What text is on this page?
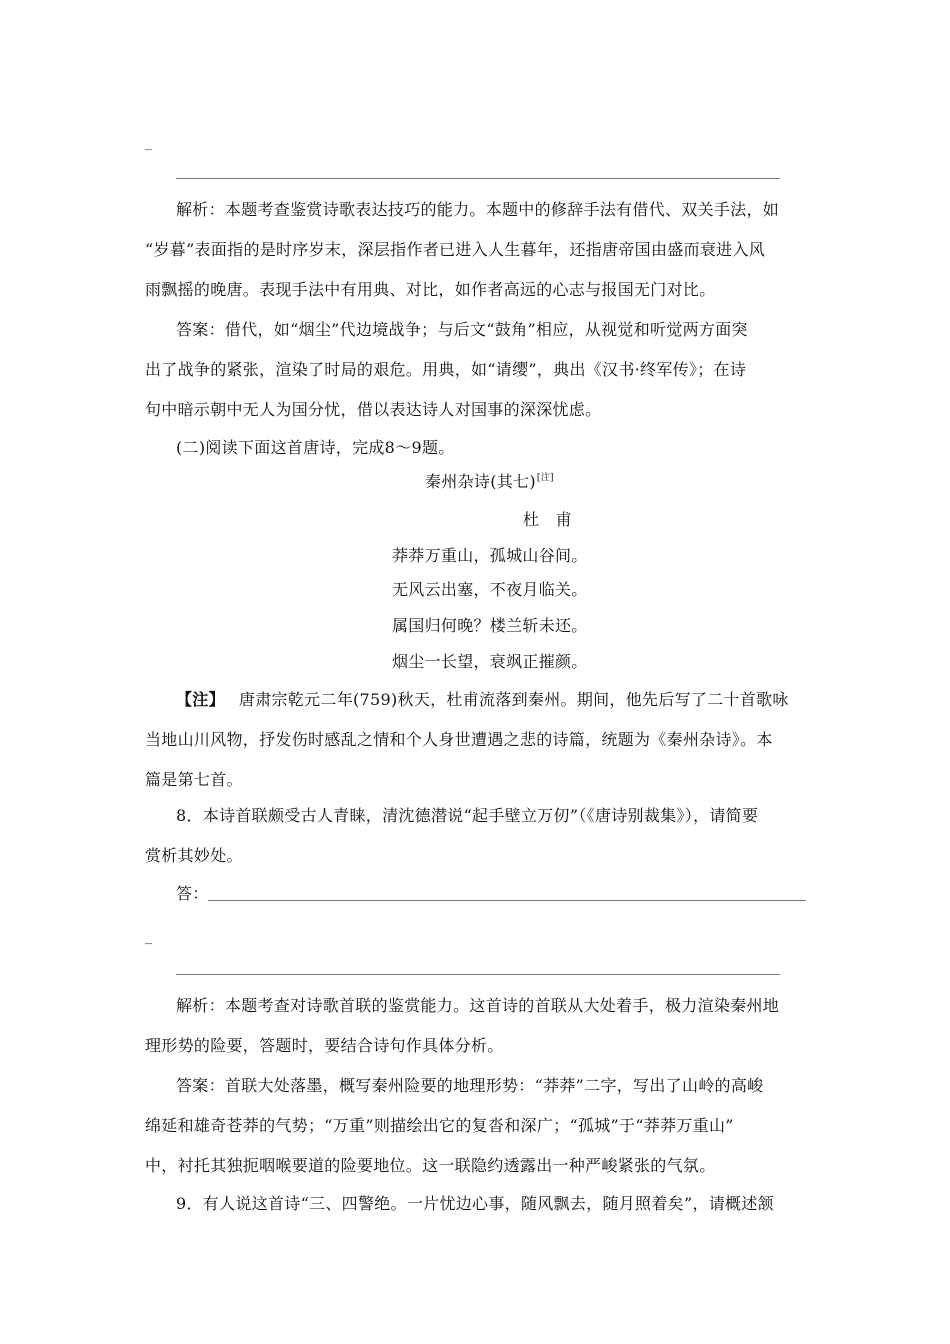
_
解析：本题考查鉴赏诗歌表达技巧的能力。本题中的修辞手法有借代、双关手法，如
“岁暮”表面指的是时序岁末，深层指作者已进入人生暮年，还指唐帝国由盛而衰进入风
雨飘摇的晚唐。表现手法中有用典、对比，如作者高远的心志与报国无门对比。
答案：借代，如“烟尘”代边境战争；与后文“鼓角”相应，从视觉和听觉两方面突
出了战争的紧张，渲染了时局的艰危。用典，如“请缨”，典出《汉书·终军传》；在诗
句中暗示朝中无人为国分忧，借以表达诗人对国事的深深忧虑。
(二)阅读下面这首唐诗，完成8～9题。
秦州杂诗(其七)[注]
杜　甫
莽莽万重山，孤城山谷间。
无风云出塞，不夜月临关。
属国归何晚？楼兰斩未还。
烟尘一长望，衰飒正摧颜。
【注】 唐肃宗乾元二年(759)秋天，杜甫流落到秦州。期间，他先后写了二十首歌咏
当地山川风物，抒发伤时感乱之情和个人身世遭遇之悲的诗篇，统题为《秦州杂诗》。本
篇是第七首。
8．本诗首联颇受古人青睐，清沈德潜说“起手壁立万仞”（《唐诗别裁集》），请简要
赏析其妙处。
答：
_
解析：本题考查对诗歌首联的鉴赏能力。这首诗的首联从大处着手，极力渲染秦州地
理形势的险要，答题时，要结合诗句作具体分析。
答案：首联大处落墨，概写秦州险要的地理形势：“莽莽”二字，写出了山岭的高峻
绵延和雄奇苍莽的气势；“万重”则描绘出它的复沓和深广；“孤城”于“莽莽万重山”
中，衬托其独扼咽喉要道的险要地位。这一联隐约透露出一种严峻紧张的气氛。
9．有人说这首诗“三、四警绝。一片忧边心事，随风飘去，随月照着矣”，请概述颔
